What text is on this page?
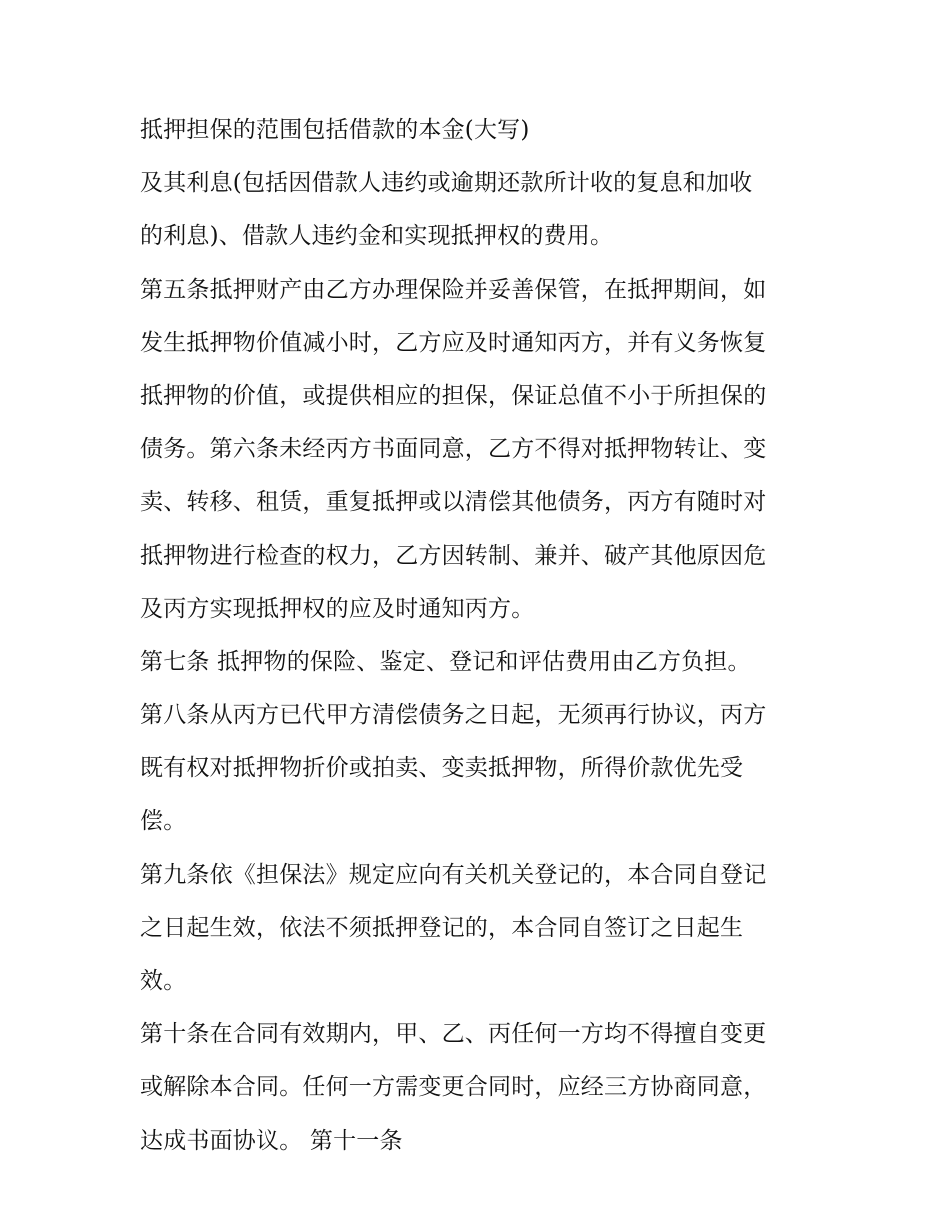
抵押担保的范围包括借款的本金(大写)
及其利息(包括因借款人违约或逾期还款所计收的复息和加收
的利息)、借款人违约金和实现抵押权的费用。
第五条抵押财产由乙方办理保险并妥善保管，在抵押期间，如
发生抵押物价值减小时，乙方应及时通知丙方，并有义务恢复
抵押物的价值，或提供相应的担保，保证总值不小于所担保的
债务。第六条未经丙方书面同意，乙方不得对抵押物转让、变
卖、转移、租赁，重复抵押或以清偿其他债务，丙方有随时对
抵押物进行检查的权力，乙方因转制、兼并、破产其他原因危
及丙方实现抵押权的应及时通知丙方。
第七条 抵押物的保险、鉴定、登记和评估费用由乙方负担。
第八条从丙方已代甲方清偿债务之日起，无须再行协议，丙方
既有权对抵押物折价或拍卖、变卖抵押物，所得价款优先受
偿。
第九条依《担保法》规定应向有关机关登记的，本合同自登记
之日起生效，依法不须抵押登记的，本合同自签订之日起生
效。
第十条在合同有效期内，甲、乙、丙任何一方均不得擅自变更
或解除本合同。任何一方需变更合同时，应经三方协商同意，
达成书面协议。 第十一条
